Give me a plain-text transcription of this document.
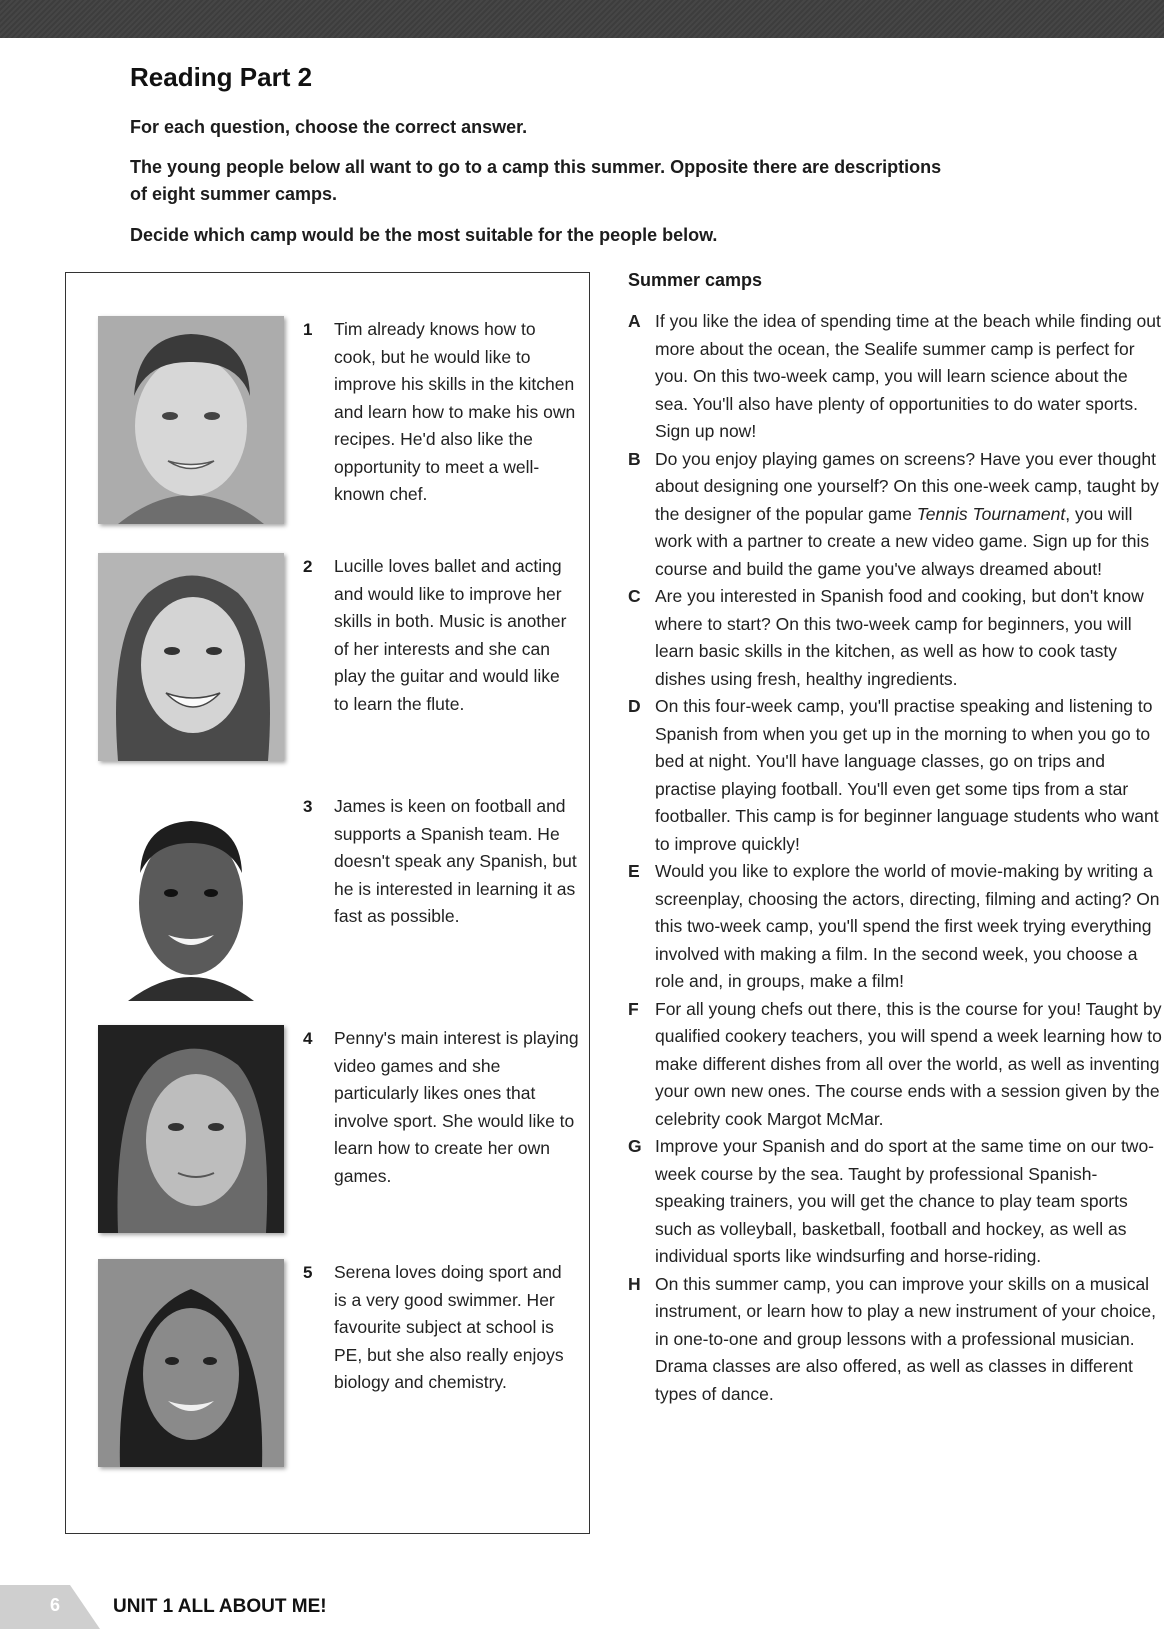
Reading Part 2

For each question, choose the correct answer.

The young people below all want to go to a camp this summer. Opposite there are descriptions of eight summer camps.

Decide which camp would be the most suitable for the people below.

1	Tim already knows how to cook, but he would like to improve his skills in the kitchen and learn how to make his own recipes. He'd also like the opportunity to meet a well-known chef.
2	Lucille loves ballet and acting and would like to improve her skills in both. Music is another of her interests and she can play the guitar and would like to learn the flute.
3	James is keen on football and supports a Spanish team. He doesn't speak any Spanish, but he is interested in learning it as fast as possible.
4	Penny's main interest is playing video games and she particularly likes ones that involve sport. She would like to learn how to create her own games.
5	Serena loves doing sport and is a very good swimmer. Her favourite subject at school is PE, but she also really enjoys biology and chemistry.
Summer camps

A If you like the idea of spending time at the beach while finding out more about the ocean, the Sealife summer camp is perfect for you. On this two-week camp, you will learn science about the sea. You'll also have plenty of opportunities to do water sports. Sign up now!

B Do you enjoy playing games on screens? Have you ever thought about designing one yourself? On this one-week camp, taught by the designer of the popular game Tennis Tournament, you will work with a partner to create a new video game. Sign up for this course and build the game you've always dreamed about!

C Are you interested in Spanish food and cooking, but don't know where to start? On this two-week camp for beginners, you will learn basic skills in the kitchen, as well as how to cook tasty dishes using fresh, healthy ingredients.

D On this four-week camp, you'll practise speaking and listening to Spanish from when you get up in the morning to when you go to bed at night. You'll have language classes, go on trips and practise playing football. You'll even get some tips from a star footballer. This camp is for beginner language students who want to improve quickly!

E Would you like to explore the world of movie-making by writing a screenplay, choosing the actors, directing, filming and acting? On this two-week camp, you'll spend the first week trying everything involved with making a film. In the second week, you choose a role and, in groups, make a film!

F For all young chefs out there, this is the course for you! Taught by qualified cookery teachers, you will spend a week learning how to make different dishes from all over the world, as well as inventing your own new ones. The course ends with a session given by the celebrity cook Margot McMar.

G Improve your Spanish and do sport at the same time on our two-week course by the sea. Taught by professional Spanish-speaking trainers, you will get the chance to play team sports such as volleyball, basketball, football and hockey, as well as individual sports like windsurfing and horse-riding.

H On this summer camp, you can improve your skills on a musical instrument, or learn how to play a new instrument of your choice, in one-to-one and group lessons with a professional musician. Drama classes are also offered, as well as classes in different types of dance.

6	UNIT 1 ALL ABOUT ME!
